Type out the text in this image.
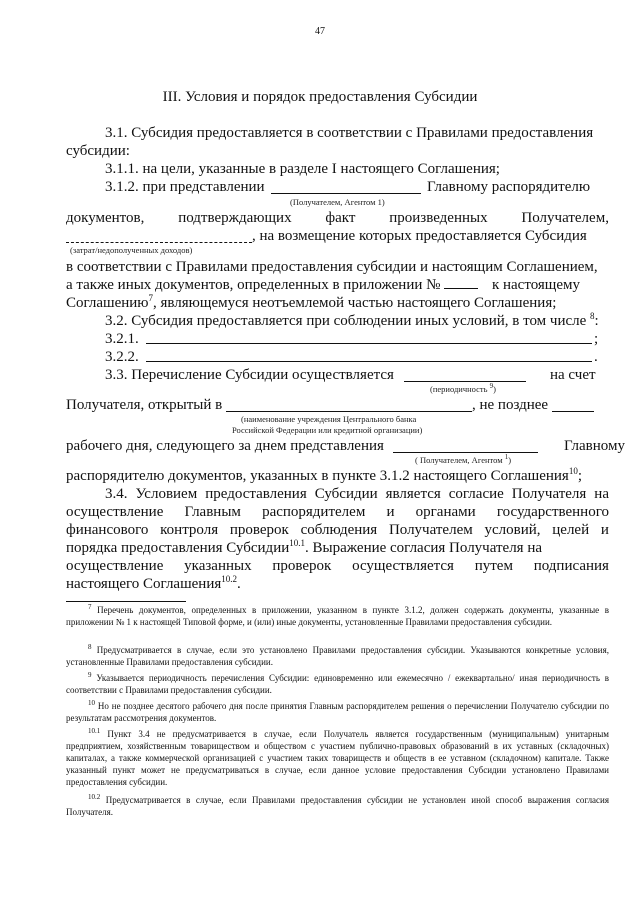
47
III. Условия и порядок предоставления Субсидии
3.1. Субсидия предоставляется в соответствии с Правилами предоставления
субсидии:
3.1.1. на цели, указанные в разделе I настоящего Соглашения;
3.1.2. при представлении	Главному распорядителю
(Получателем, Агентом 1)
документов, подтверждающих факт произведенных Получателем,
, на возмещение которых предоставляется Субсидия
(затрат/недополученных доходов)
в соответствии с Правилами предоставления субсидии и настоящим Соглашением,
а также иных документов, определенных в приложении №	к настоящему
Соглашению$^7$, являющемуся неотъемлемой частью настоящего Соглашения;
3.2. Субсидия предоставляется при соблюдении иных условий, в том числе $^8$:
3.2.1.	;
3.2.2.	.
3.3. Перечисление Субсидии осуществляется	на счет
(периодичность $^9$)
Получателя, открытый в	, не позднее
(наименование учреждения Центрального банка
Российской Федерации или кредитной организации)
рабочего дня, следующего за днем представления	Главному
( Получателем, Агентом $^1$)
распорядителю документов, указанных в пункте 3.1.2 настоящего Соглашения$^{10}$;
3.4. Условием предоставления Субсидии является согласие Получателя на
осуществление Главным распорядителем и органами государственного
финансового контроля проверок соблюдения Получателем условий, целей и
порядка предоставления Субсидии$^{10.1}$. Выражение согласия Получателя на
осуществление указанных проверок осуществляется путем подписания
настоящего Соглашения$^{10.2}$.
$^7$ Перечень документов, определенных в приложении, указанном в пункте 3.1.2, должен содержать документы, указанные в приложении № 1 к настоящей Типовой форме, и (или) иные документы, установленные Правилами предоставления субсидии.
$^8$ Предусматривается в случае, если это установлено Правилами предоставления субсидии. Указываются конкретные условия, установленные Правилами предоставления субсидии.
$^9$ Указывается периодичность перечисления Субсидии: единовременно или ежемесячно / ежеквартально/ иная периодичность в соответствии с Правилами предоставления субсидии.
$^{10}$ Но не позднее десятого рабочего дня после принятия Главным распорядителем решения о перечислении Получателю субсидии по результатам рассмотрения документов.
$^{10.1}$ Пункт 3.4 не предусматривается в случае, если Получатель является государственным (муниципальным) унитарным предприятием, хозяйственным товариществом и обществом с участием публично-правовых образований в их уставных (складочных) капиталах, а также коммерческой организацией с участием таких товариществ и обществ в ее уставном (складочном) капитале. Также указанный пункт может не предусматриваться в случае, если данное условие предоставления Субсидии установлено Правилами предоставления субсидии.
$^{10.2}$ Предусматривается в случае, если Правилами предоставления субсидии не установлен иной способ выражения согласия Получателя.
